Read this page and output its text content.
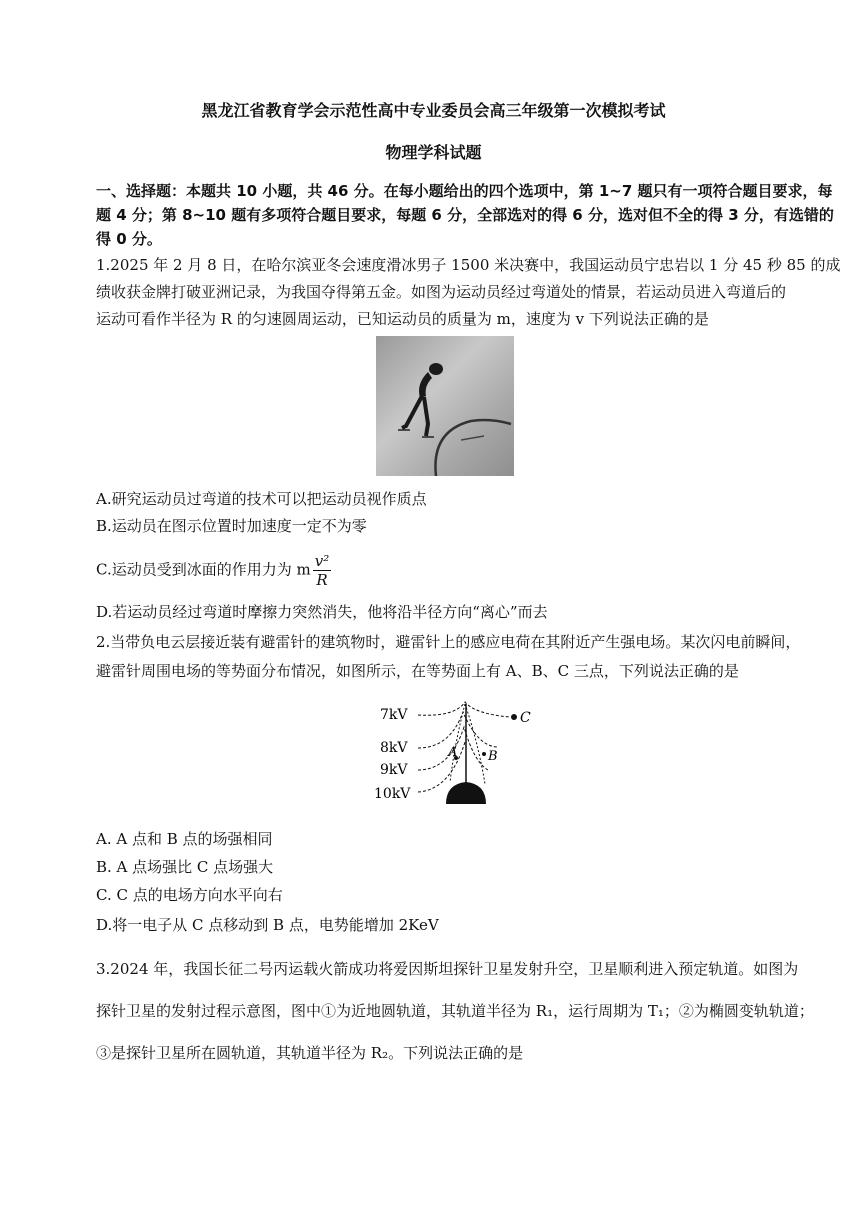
黑龙江省教育学会示范性高中专业委员会高三年级第一次模拟考试
物理学科试题
一、选择题：本题共 10 小题，共 46 分。在每小题给出的四个选项中，第 1~7 题只有一项符合题目要求，每
题 4 分；第 8~10 题有多项符合题目要求，每题 6 分，全部选对的得 6 分，选对但不全的得 3 分，有选错的
得 0 分。
1.2025 年 2 月 8 日，在哈尔滨亚冬会速度滑冰男子 1500 米决赛中，我国运动员宁忠岩以 1 分 45 秒 85 的成
绩收获金牌打破亚洲记录，为我国夺得第五金。如图为运动员经过弯道处的情景，若运动员进入弯道后的
运动可看作半径为 R 的匀速圆周运动，已知运动员的质量为 m，速度为 v 下列说法正确的是
A.研究运动员过弯道的技术可以把运动员视作质点
B.运动员在图示位置时加速度一定不为零
C.运动员受到冰面的作用力为 m $\frac{\text{v²}}{R}$
D.若运动员经过弯道时摩擦力突然消失，他将沿半径方向“离心”而去
2.当带负电云层接近装有避雷针的建筑物时，避雷针上的感应电荷在其附近产生强电场。某次闪电前瞬间，
避雷针周围电场的等势面分布情况，如图所示，在等势面上有 A、B、C 三点，下列说法正确的是
7kV
8kV
9kV
10kV
A B
C
A. A 点和 B 点的场强相同
B. A 点场强比 C 点场强大
C. C 点的电场方向水平向右
D.将一电子从 C 点移动到 B 点，电势能增加 2KeV
3.2024 年，我国长征二号丙运载火箭成功将爱因斯坦探针卫星发射升空，卫星顺利进入预定轨道。如图为
探针卫星的发射过程示意图，图中①为近地圆轨道，其轨道半径为 R₁，运行周期为 T₁；②为椭圆变轨轨道；
③是探针卫星所在圆轨道，其轨道半径为 R₂。下列说法正确的是
